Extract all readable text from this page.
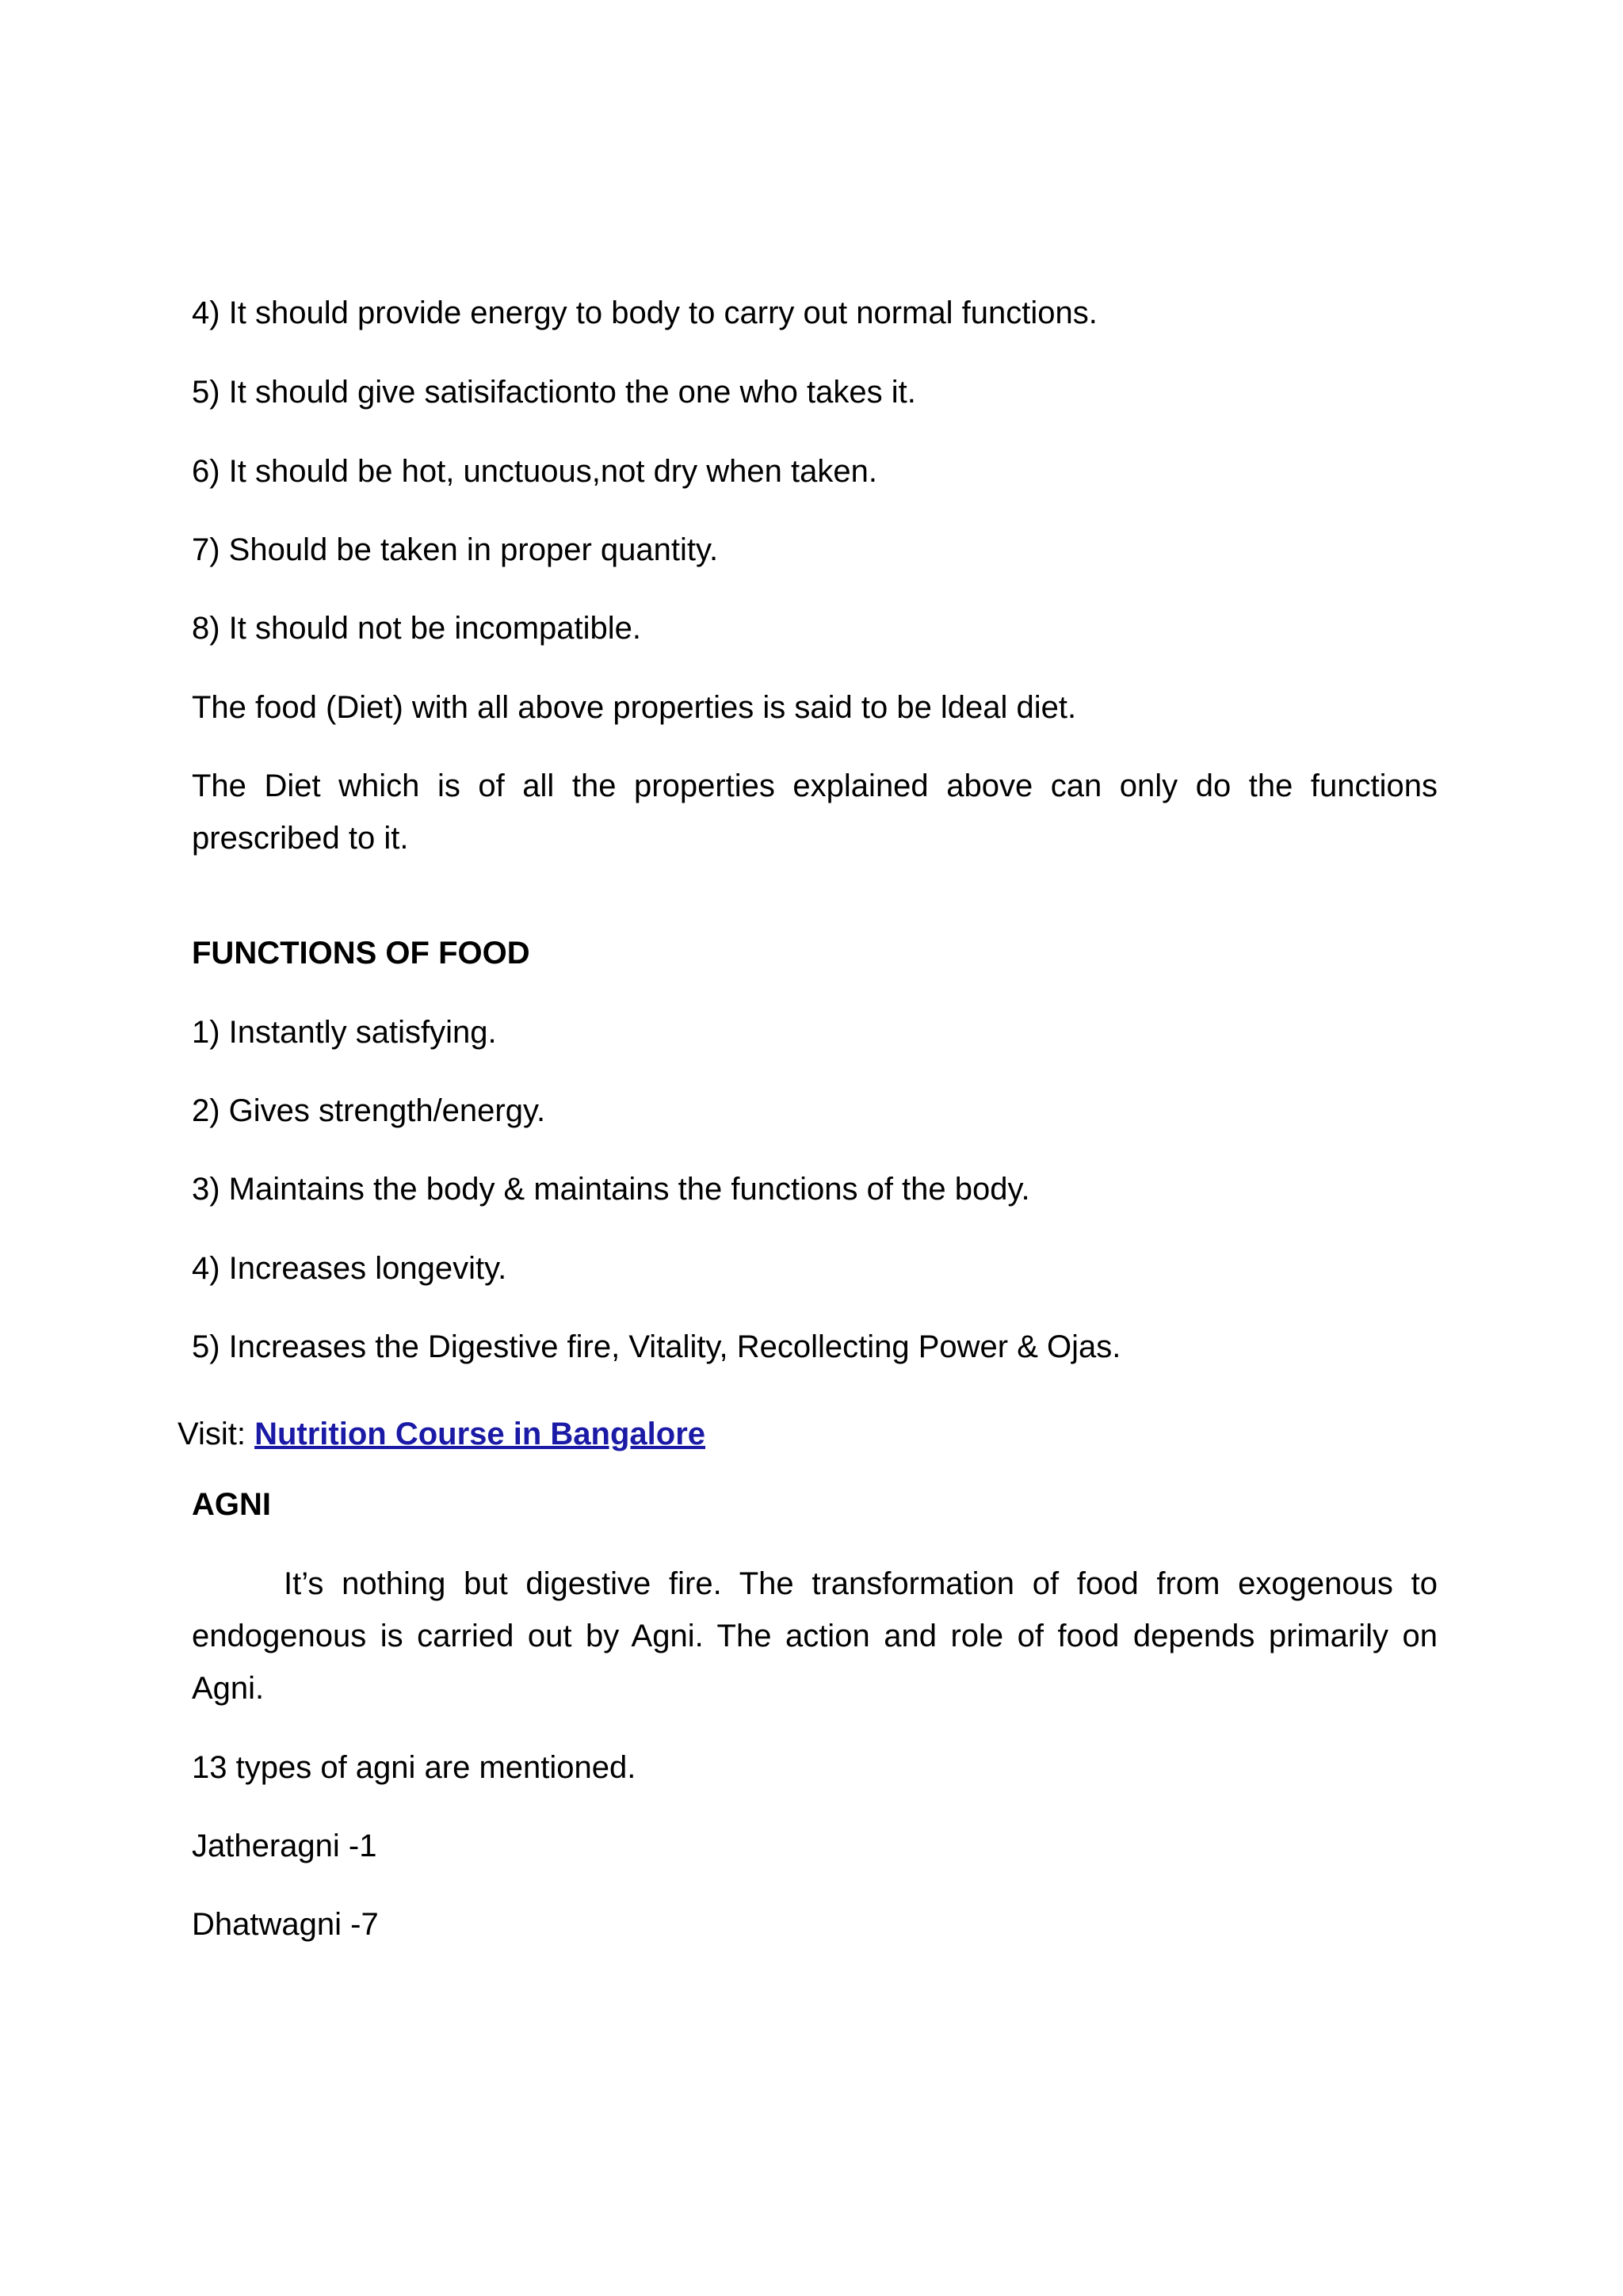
4) It should provide energy to body to carry out normal functions.

5) It should give satisifactionto the one who takes it.

6) It should be hot, unctuous,not dry when taken.

7) Should be taken in proper quantity.

8) It should not be incompatible.

The food (Diet) with all above properties is said to be ldeal diet.

The Diet which is of all the properties explained above can only do the functions prescribed to it.

FUNCTIONS OF FOOD

1) Instantly satisfying.

2) Gives strength/energy.

3) Maintains the body & maintains the functions of the body.

4) Increases longevity.

5) Increases the Digestive fire, Vitality, Recollecting Power & Ojas.

Visit: Nutrition Course in Bangalore

AGNI

It’s nothing but digestive fire. The transformation of food from exogenous to endogenous is carried out by Agni. The action and role of food depends primarily on Agni.

13 types of agni are mentioned.

Jatheragni -1

Dhatwagni -7
